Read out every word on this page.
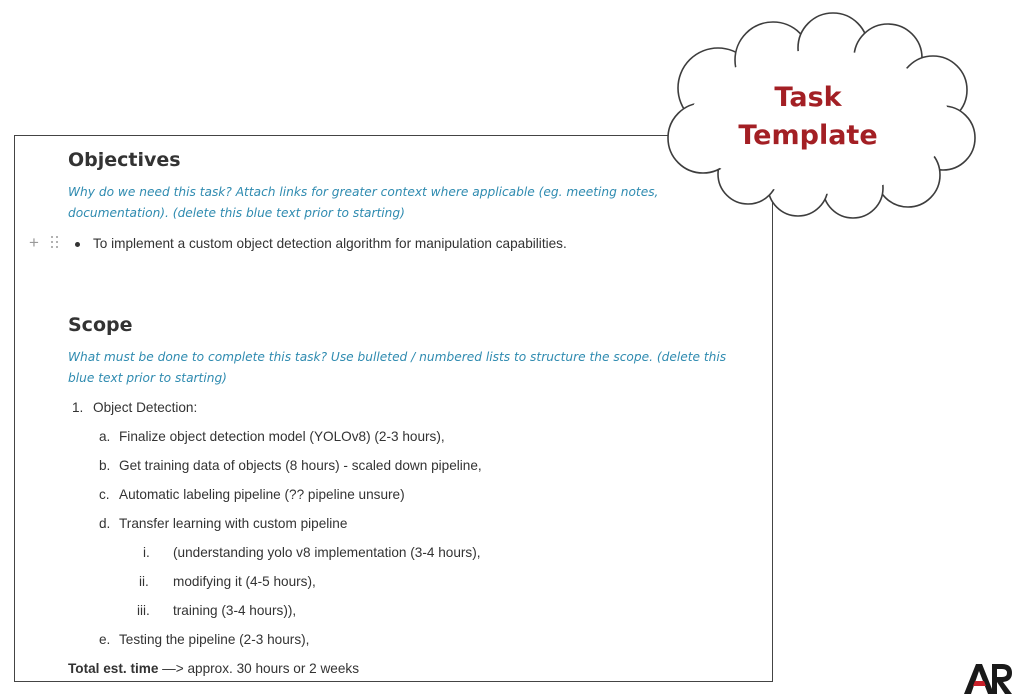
Objectives
Why do we need this task? Attach links for greater context where applicable (eg. meeting notes, documentation). (delete this blue text prior to starting)
+	To implement a custom object detection algorithm for manipulation capabilities.
Scope
What must be done to complete this task? Use bulleted / numbered lists to structure the scope. (delete this blue text prior to starting)
1. Object Detection:
a. Finalize object detection model (YOLOv8) (2-3 hours),
b. Get training data of objects (8 hours) - scaled down pipeline,
c. Automatic labeling pipeline (?? pipeline unsure)
d. Transfer learning with custom pipeline
i. (understanding yolo v8 implementation (3-4 hours),
ii. modifying it (4-5 hours),
iii. training (3-4 hours)),
e. Testing the pipeline (2-3 hours),
Total est. time —> approx. 30 hours or 2 weeks
Task
Template
